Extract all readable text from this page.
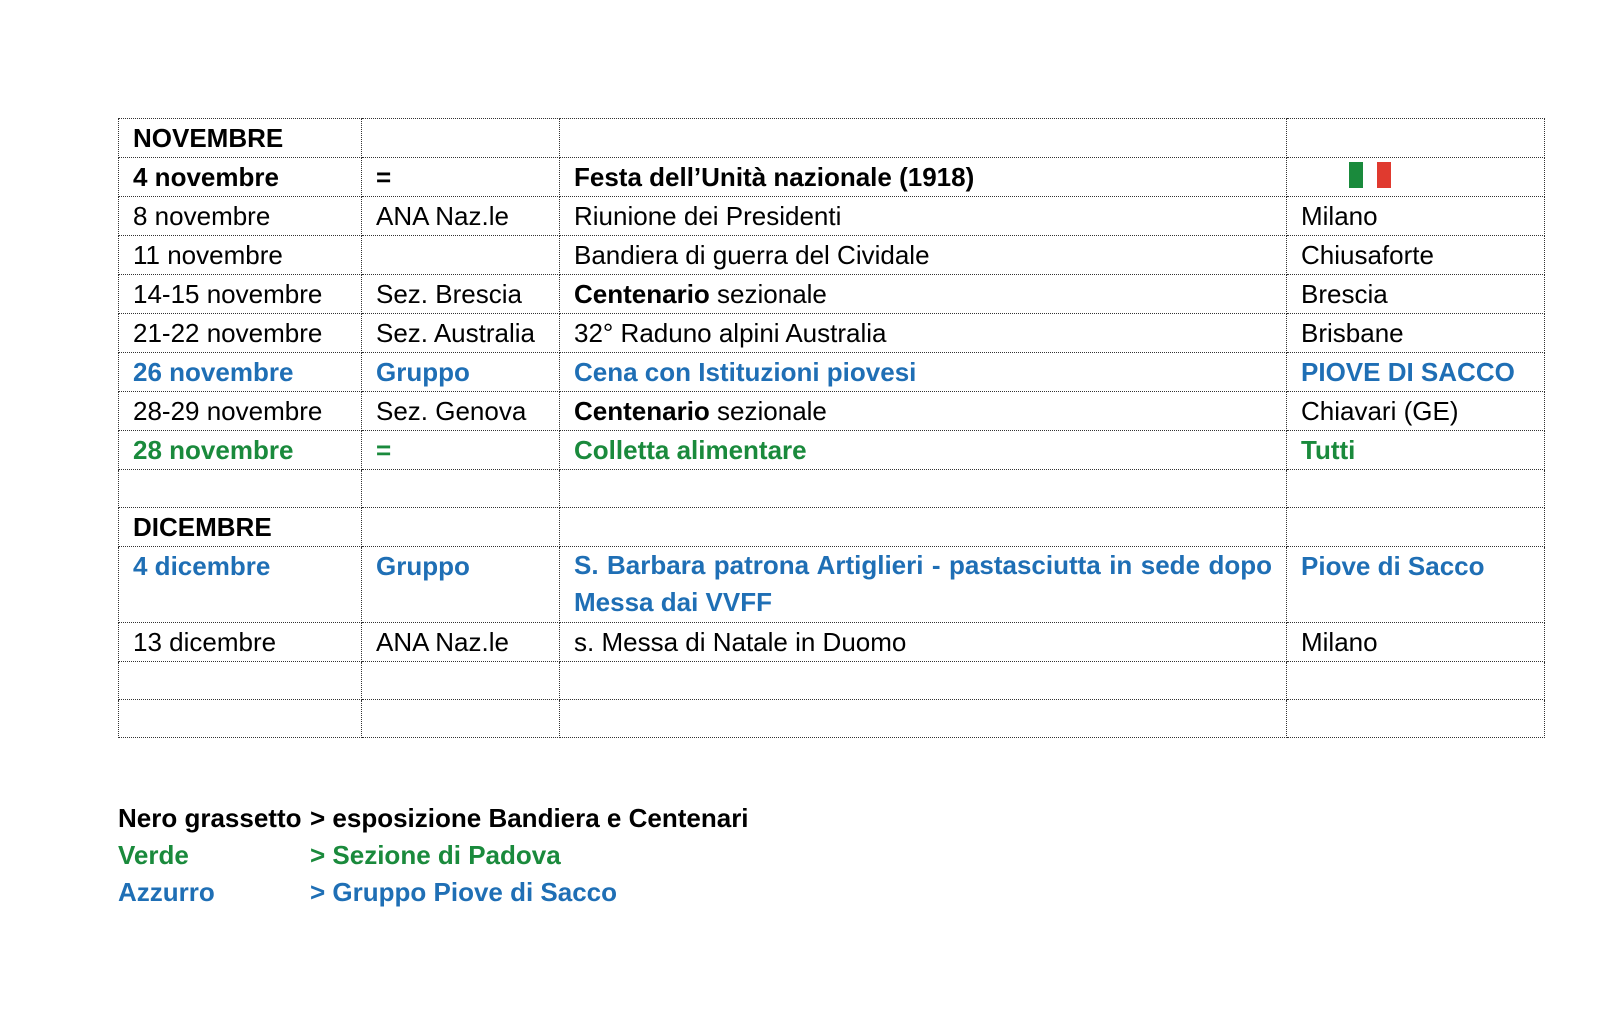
NOVEMBRE			
4 novembre	=	Festa dell’Unità nazionale (1918)	
8 novembre	ANA Naz.le	Riunione dei Presidenti	Milano
11 novembre		Bandiera di guerra del Cividale	Chiusaforte
14-15 novembre	Sez. Brescia	Centenario sezionale	Brescia
21-22 novembre	Sez. Australia	32° Raduno alpini Australia	Brisbane
26 novembre	Gruppo	Cena con Istituzioni piovesi	PIOVE DI SACCO
28-29 novembre	Sez. Genova	Centenario sezionale	Chiavari (GE)
28 novembre	=	Colletta alimentare	Tutti

DICEMBRE			
4 dicembre	Gruppo	S. Barbara patrona Artiglieri - pastasciutta in sede dopo Messa dai VVFF	Piove di Sacco
13 dicembre	ANA Naz.le	s. Messa di Natale in Duomo	Milano

Nero grassetto > esposizione Bandiera e Centenari
Verde	> Sezione di Padova
Azzurro	> Gruppo Piove di Sacco
